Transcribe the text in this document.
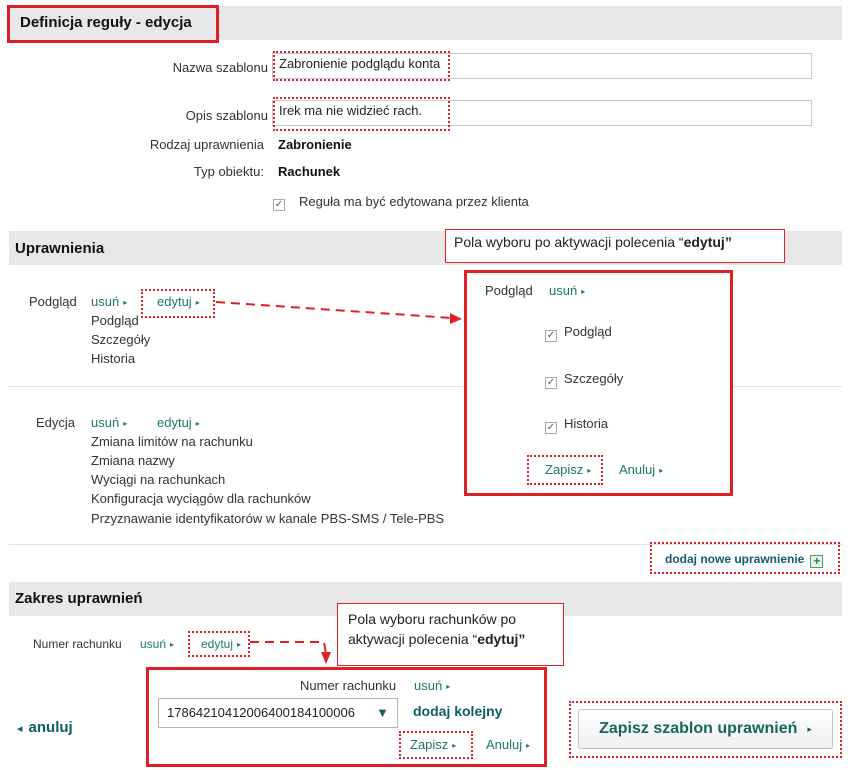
Definicja reguły - edycja
Nazwa szablonu Zabronienie podglądu konta
Opis szablonu Irek ma nie widzieć rach.
Rodzaj uprawnienia Zabronienie
Typ obiektu: Rachunek
✓ Reguła ma być edytowana przez klienta
Uprawnienia	Pola wyboru po aktywacji polecenia “edytuj”
Podgląd usuń ▸ edytuj ▸
Podgląd
Szczegóły
Historia
Edycja usuń ▸ edytuj ▸
Zmiana limitów na rachunku
Zmiana nazwy
Wyciągi na rachunkach
Konfiguracja wyciągów dla rachunków
Przyznawanie identyfikatorów w kanale PBS-SMS / Tele-PBS
Podgląd usuń ▸
✓ Podgląd
✓ Szczegóły
✓ Historia
Zapisz ▸ Anuluj ▸
dodaj nowe uprawnienie +
Zakres uprawnień
Numer rachunku usuń ▸ edytuj ▸
Pola wyboru rachunków po
aktywacji polecenia “edytuj”
Numer rachunku usuń ▸
17864210412006400184100006 ▼ dodaj kolejny
Zapisz ▸ Anuluj ▸
◂ anuluj	Zapisz szablon uprawnień ▸
